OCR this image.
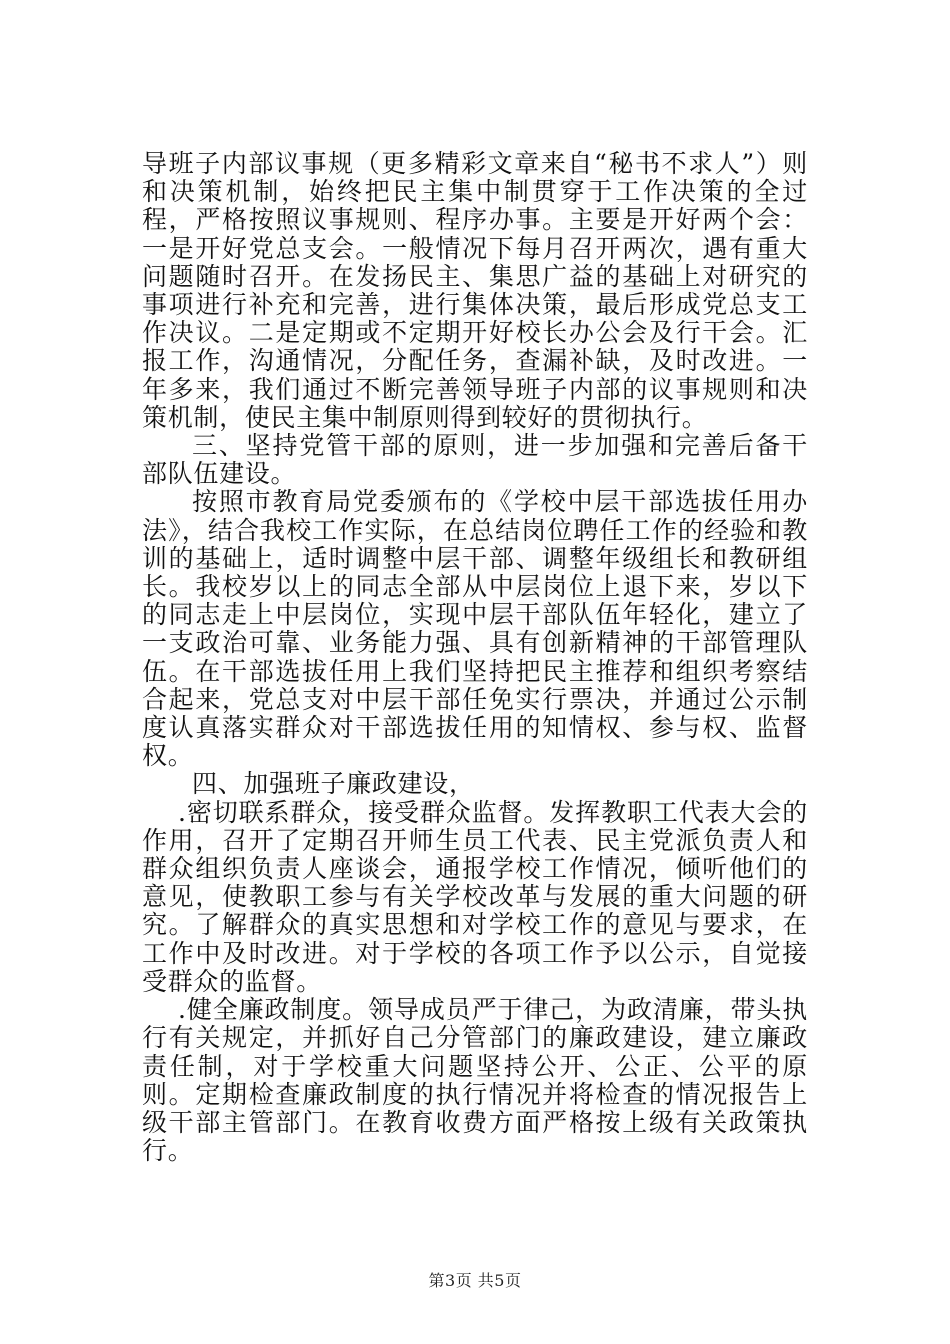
导班子内部议事规（更多精彩文章来自“秘书不求人”）则和决策机制，始终把民主集中制贯穿于工作决策的全过程，严格按照议事规则、程序办事。主要是开好两个会：一是开好党总支会。一般情况下每月召开两次，遇有重大问题随时召开。在发扬民主、集思广益的基础上对研究的事项进行补充和完善，进行集体决策，最后形成党总支工作决议。二是定期或不定期开好校长办公会及行干会。汇报工作，沟通情况，分配任务，查漏补缺，及时改进。一年多来，我们通过不断完善领导班子内部的议事规则和决策机制，使民主集中制原则得到较好的贯彻执行。

三、坚持党管干部的原则，进一步加强和完善后备干部队伍建设。

按照市教育局党委颁布的《学校中层干部选拔任用办法》，结合我校工作实际，在总结岗位聘任工作的经验和教训的基础上，适时调整中层干部、调整年级组长和教研组长。我校岁以上的同志全部从中层岗位上退下来，岁以下的同志走上中层岗位，实现中层干部队伍年轻化，建立了一支政治可靠、业务能力强、具有创新精神的干部管理队伍。在干部选拔任用上我们坚持把民主推荐和组织考察结合起来，党总支对中层干部任免实行票决，并通过公示制度认真落实群众对干部选拔任用的知情权、参与权、监督权。

四、加强班子廉政建设，

.密切联系群众，接受群众监督。发挥教职工代表大会的作用，召开了定期召开师生员工代表、民主党派负责人和群众组织负责人座谈会，通报学校工作情况，倾听他们的意见，使教职工参与有关学校改革与发展的重大问题的研究。了解群众的真实思想和对学校工作的意见与要求，在工作中及时改进。对于学校的各项工作予以公示，自觉接受群众的监督。

.健全廉政制度。领导成员严于律己，为政清廉，带头执行有关规定，并抓好自己分管部门的廉政建设，建立廉政责任制，对于学校重大问题坚持公开、公正、公平的原则。定期检查廉政制度的执行情况并将检查的情况报告上级干部主管部门。在教育收费方面严格按上级有关政策执行。

第3页 共5页
